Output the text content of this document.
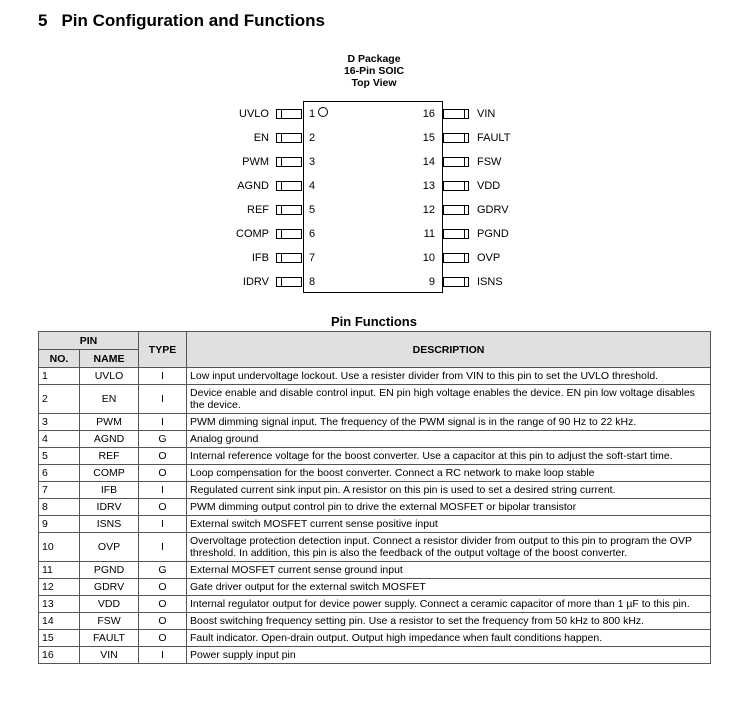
5 Pin Configuration and Functions
D Package
16-Pin SOIC
Top View
UVLO	1
EN	2
PWM	3
AGND	4
REF	5
COMP	6
IFB	7
IDRV	8
VIN
16
FAULT
15
FSW
14
VDD
13
GDRV
12
PGND
11
OVP
10
ISNS
9
Pin Functions
PIN		TYPE	DESCRIPTION
NO.	NAME		
1	UVLO	I	Low input undervoltage lockout. Use a resister divider from VIN to this pin to set the UVLO threshold.
2	EN	I	Device enable and disable control input. EN pin high voltage enables the device. EN pin low voltage disables the device.
3	PWM	I	PWM dimming signal input. The frequency of the PWM signal is in the range of 90 Hz to 22 kHz.
4	AGND	G	Analog ground
5	REF	O	Internal reference voltage for the boost converter. Use a capacitor at this pin to adjust the soft-start time.
6	COMP	O	Loop compensation for the boost converter. Connect a RC network to make loop stable
7	IFB	I	Regulated current sink input pin. A resistor on this pin is used to set a desired string current.
8	IDRV	O	PWM dimming output control pin to drive the external MOSFET or bipolar transistor
9	ISNS	I	External switch MOSFET current sense positive input
10	OVP	I	Overvoltage protection detection input. Connect a resistor divider from output to this pin to program the OVP threshold. In addition, this pin is also the feedback of the output voltage of the boost converter.
11	PGND	G	External MOSFET current sense ground input
12	GDRV	O	Gate driver output for the external switch MOSFET
13	VDD	O	Internal regulator output for device power supply. Connect a ceramic capacitor of more than 1 µF to this pin.
14	FSW	O	Boost switching frequency setting pin. Use a resistor to set the frequency from 50 kHz to 800 kHz.
15	FAULT	O	Fault indicator. Open-drain output. Output high impedance when fault conditions happen.
16	VIN	I	Power supply input pin
